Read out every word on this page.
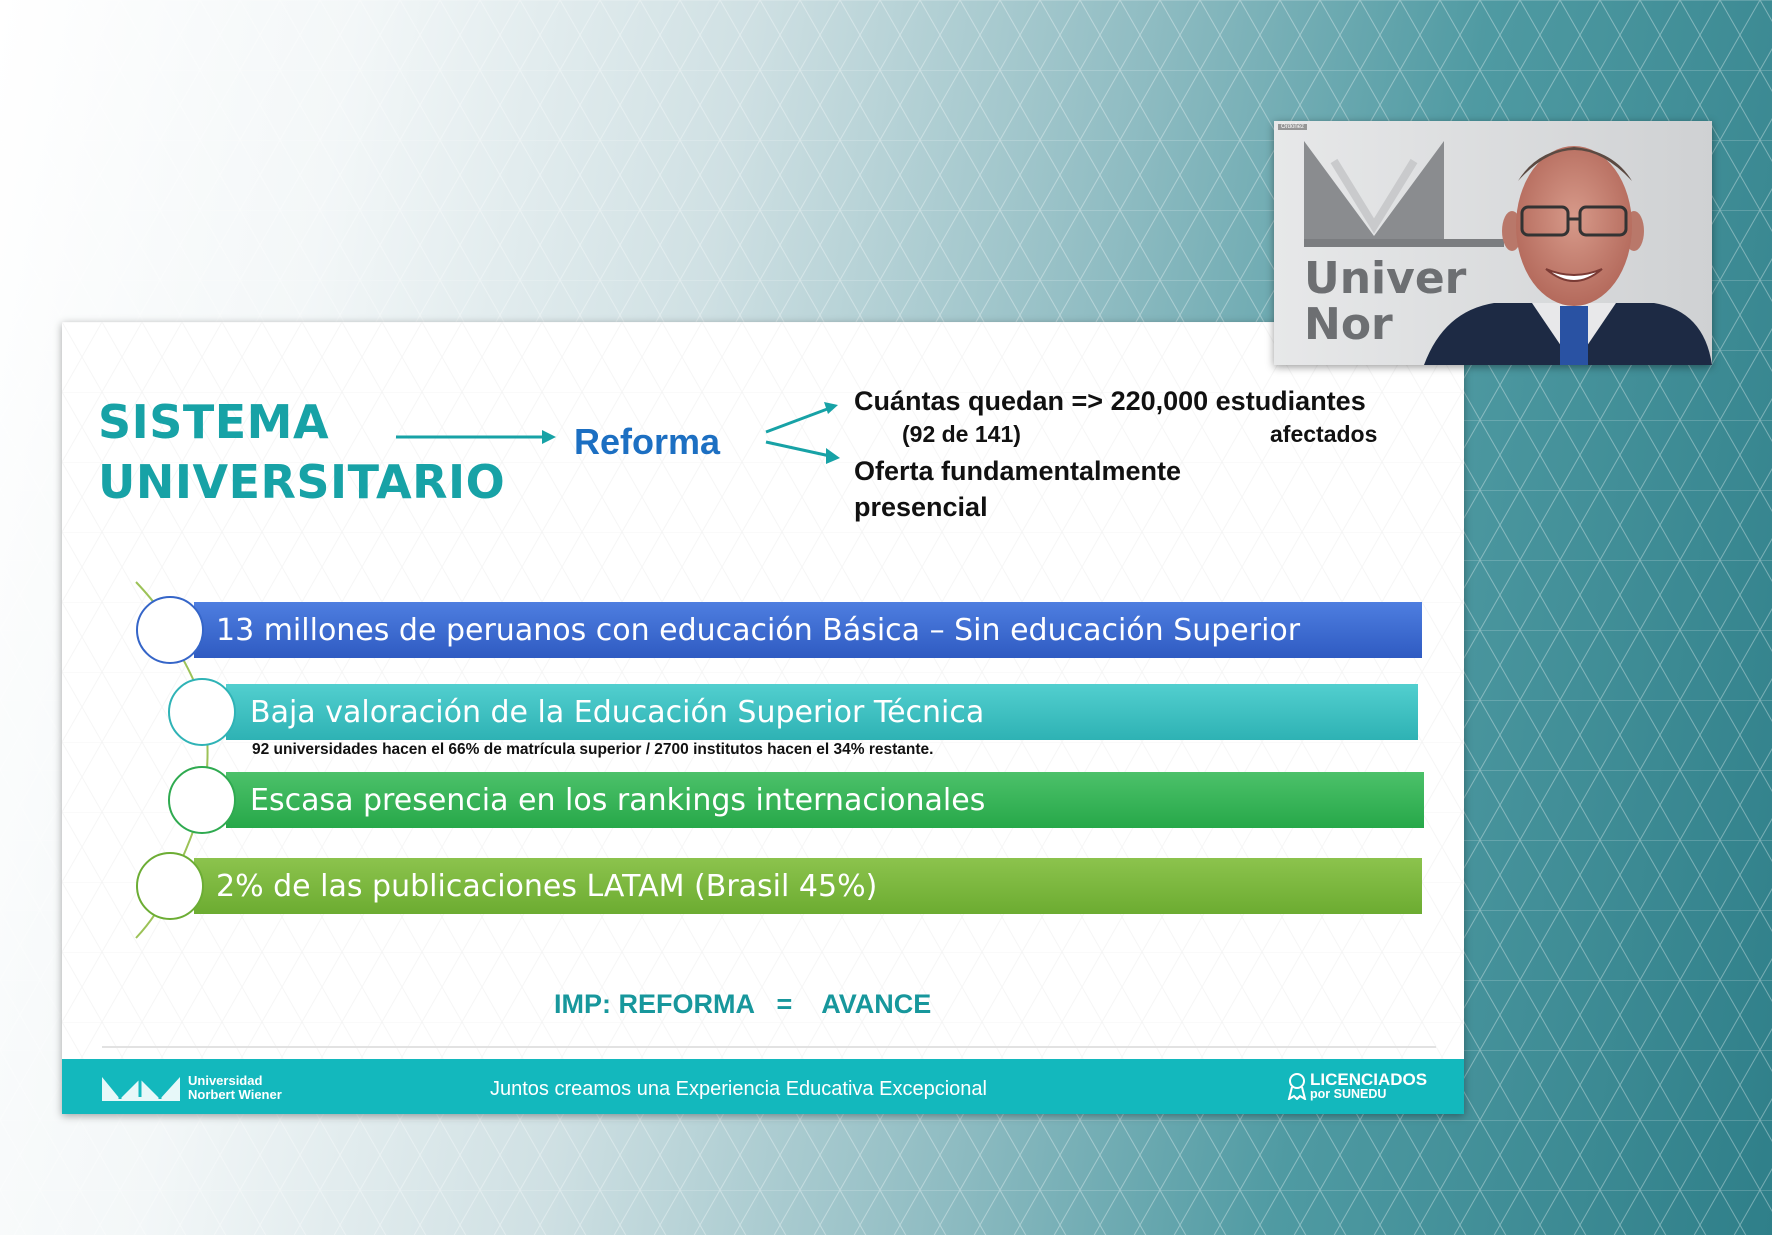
SISTEMA
UNIVERSITARIO
Reforma
Cuántas quedan => 220,000 estudiantes
(92 de 141)	afectados
Oferta fundamentalmente
presencial
13 millones de peruanos con educación Básica – Sin educación Superior
Baja valoración de la Educación Superior Técnica
Escasa presencia en los rankings internacionales
2% de las publicaciones LATAM (Brasil 45%)
92 universidades hacen el 66% de matrícula superior / 2700 institutos hacen el 34% restante.
IMP: REFORMA   =    AVANCE
Universidad
Norbert Wiener	Juntos creamos una Experiencia Educativa Excepcional	LICENCIADOS
por SUNEDU
Univer
Nor
Ordoñez
